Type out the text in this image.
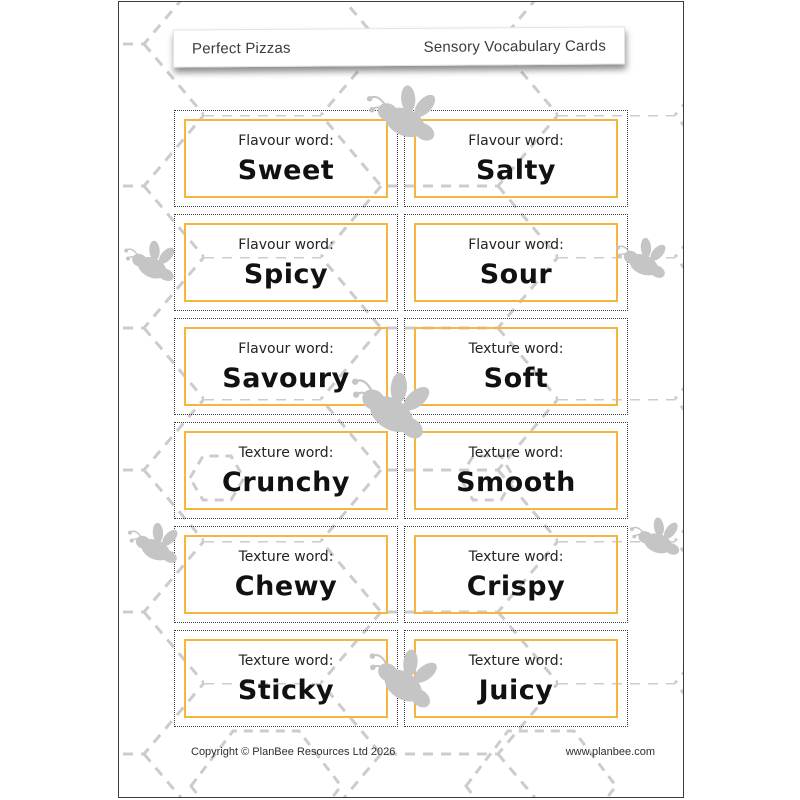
Perfect Pizzas	Sensory Vocabulary Cards
Flavour word:
Sweet
Flavour word:
Salty
Flavour word:
Spicy
Flavour word:
Sour
Flavour word:
Savoury
Texture word:
Soft
Texture word:
Crunchy
Texture word:
Smooth
Texture word:
Chewy
Texture word:
Crispy
Texture word:
Sticky
Texture word:
Juicy
Copyright © PlanBee Resources Ltd 2026	www.planbee.com
